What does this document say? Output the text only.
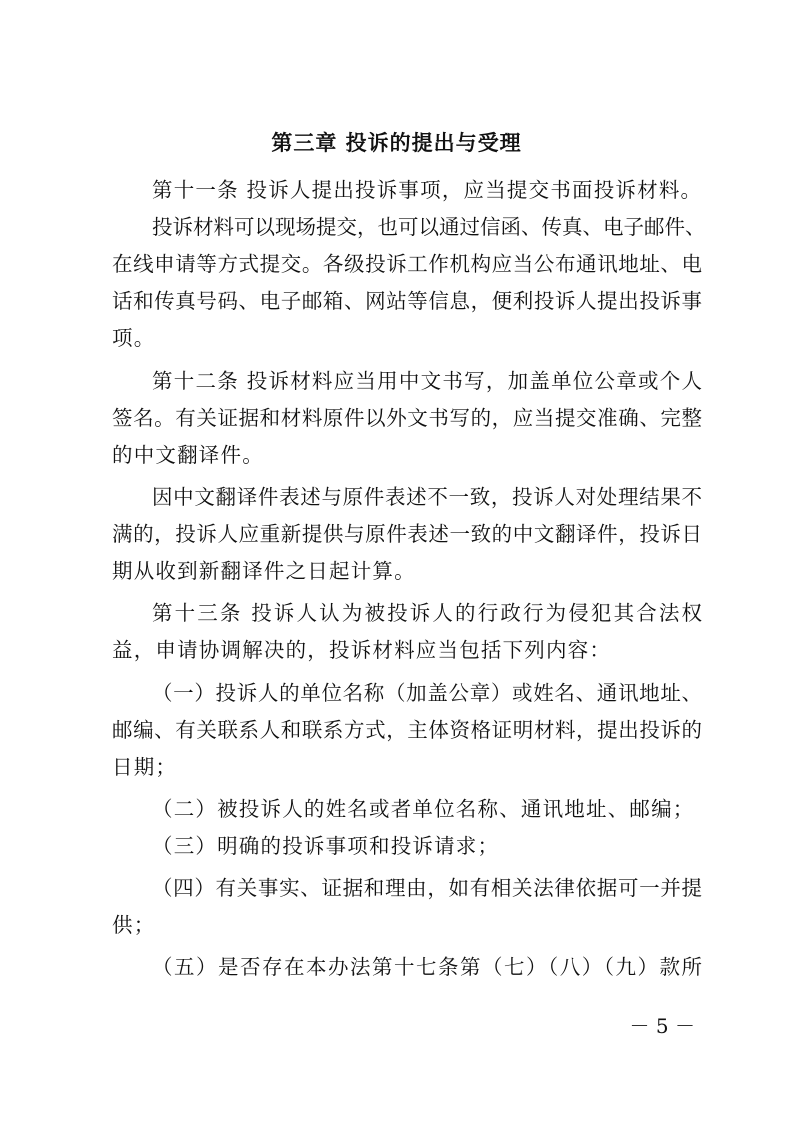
第三章 投诉的提出与受理
第十一条 投诉人提出投诉事项，应当提交书面投诉材料。
投诉材料可以现场提交，也可以通过信函、传真、电子邮件、
在线申请等方式提交。各级投诉工作机构应当公布通讯地址、电
话和传真号码、电子邮箱、网站等信息，便利投诉人提出投诉事
项。
第十二条 投诉材料应当用中文书写，加盖单位公章或个人
签名。有关证据和材料原件以外文书写的，应当提交准确、完整
的中文翻译件。
因中文翻译件表述与原件表述不一致，投诉人对处理结果不
满的，投诉人应重新提供与原件表述一致的中文翻译件，投诉日
期从收到新翻译件之日起计算。
第十三条 投诉人认为被投诉人的行政行为侵犯其合法权
益，申请协调解决的，投诉材料应当包括下列内容：
（一）投诉人的单位名称（加盖公章）或姓名、通讯地址、
邮编、有关联系人和联系方式，主体资格证明材料，提出投诉的
日期；
（二）被投诉人的姓名或者单位名称、通讯地址、邮编；
（三）明确的投诉事项和投诉请求；
（四）有关事实、证据和理由，如有相关法律依据可一并提
供；
（五）是否存在本办法第十七条第（七）（八）（九）款所
－ 5 －
